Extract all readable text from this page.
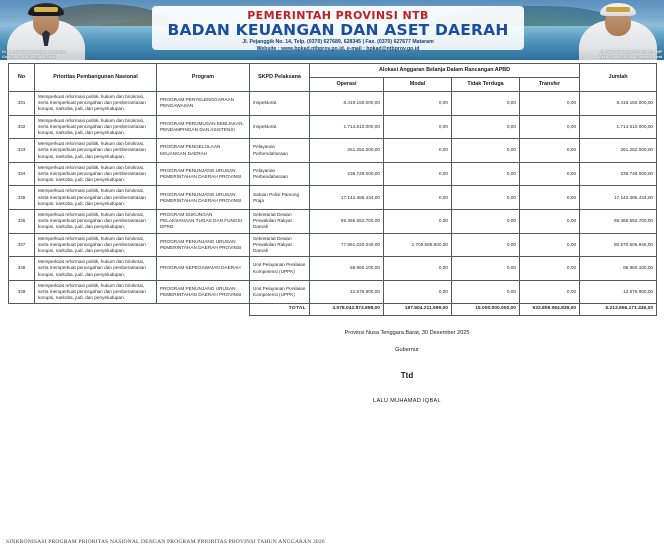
Dr. H. Lalu Muhamad Iqbal, M.Hub.Int
Gubernur Nusa Tenggara Barat
Hj. Indah Dhamayanti Putri, SE., MIP
Wakil Gubernur Nusa Tenggara Barat
PEMERINTAH PROVINSI NTB
BADAN KEUANGAN DAN ASET DAERAH
Jl. Pejanggik No. 14, Telp. (0370) 627689, 628345 | Fax. (0370) 627677 Mataram
Website : www.bpkad.ntbprov.go.id, e-mail : bpkad@ntbprov.go.id
No	Prioritas Pembangunan Nasional	Program	SKPD Pelaksana	Alokasi Anggaran Belanja Dalam Rancangan APBD				Jumlah
				Operasi	Modal	Tidak Terduga	Transfer	
331	Memperkuat reformasi politik, hukum dan birokrasi, serta memperkuat pencegahan dan pemberantasan korupsi, narkoba, judi, dan penyeludupan.	PROGRAM PENYELENGGARAAN PENGAWASAN	Inspektorat	8.419.150.000,00	0,00	0,00	0,00	8.419.150.000,00
332	Memperkuat reformasi politik, hukum dan birokrasi, serta memperkuat pencegahan dan pemberantasan korupsi, narkoba, judi, dan penyeludupan.	PROGRAM PERUMUSAN KEBIJAKAN, PENDAMPINGAN DAN ASISTENSI	Inspektorat	1.714.610.000,00	0,00	0,00	0,00	1.714.610.000,00
333	Memperkuat reformasi politik, hukum dan birokrasi, serta memperkuat pencegahan dan pemberantasan korupsi, narkoba, judi, dan penyeludupan.	PROGRAM PENGELOLAAN KEUANGAN DAERAH	Pelayanan Perbendaharaan	261.252.000,00	0,00	0,00	0,00	261.252.000,00
334	Memperkuat reformasi politik, hukum dan birokrasi, serta memperkuat pencegahan dan pemberantasan korupsi, narkoba, judi, dan penyeludupan.	PROGRAM PENUNJANG URUSAN PEMERINTAHAN DAERAH PROVINSI	Pelayanan Perbendaharaan	238.748.000,00	0,00	0,00	0,00	238.748.000,00
335	Memperkuat reformasi politik, hukum dan birokrasi, serta memperkuat pencegahan dan pemberantasan korupsi, narkoba, judi, dan penyeludupan.	PROGRAM PENUNJANG URUSAN PEMERINTAHAN DAERAH PROVINSI	Satuan Polisi Pamong Praja	17.142.486.434,00	0,00	0,00	0,00	17.142.486.434,00
336	Memperkuat reformasi politik, hukum dan birokrasi, serta memperkuat pencegahan dan pemberantasan korupsi, narkoba, judi, dan penyeludupan.	PROGRAM DUKUNGAN PELAKSANAAN TUGAS DAN FUNGSI DPRD	Sekretariat Dewan Perwakilan Rakyat Daerah	69.366.552.700,00	0,00	0,00	0,00	69.366.552.700,00
337	Memperkuat reformasi politik, hukum dan birokrasi, serta memperkuat pencegahan dan pemberantasan korupsi, narkoba, judi, dan penyeludupan.	PROGRAM PENUNJANG URUSAN PEMERINTAHAN DAERAH PROVINSI	Sekretariat Dewan Perwakilan Rakyat Daerah	77.861.020.048,00	2.709.586.800,00	0,00	0,00	80.570.606.848,00
338	Memperkuat reformasi politik, hukum dan birokrasi, serta memperkuat pencegahan dan pemberantasan korupsi, narkoba, judi, dan penyeludupan.	PROGRAM KEPEGAWAIAN DAERAH	Unit Pelayanan Penilaian Kompetensi (UPPK)	68.960.100,00	0,00	0,00	0,00	68.960.100,00
339	Memperkuat reformasi politik, hukum dan birokrasi, serta memperkuat pencegahan dan pemberantasan korupsi, narkoba, judi, dan penyeludupan.	PROGRAM PENUNJANG URUSAN PEMERINTAHAN DAERAH PROVINSI	Unit Pelayanan Penilaian Kompetensi (UPPK)	12.576.900,00	0,00	0,00	0,00	12.576.900,00
			TOTAL	4.078.042.874.898,00	187.804.211.699,00	15.000.000.000,00	932.809.084.839,00	5.213.656.171.436,00
Provinsi Nusa Tenggara Barat, 30 Desember 2025
Gubernur
Ttd
LALU MUHAMAD IQBAL
SINKRONISASI PROGRAM PRIORITAS NASIONAL DENGAN PROGRAM PRIORITAS PROVINSI TAHUN ANGGARAN 2026
